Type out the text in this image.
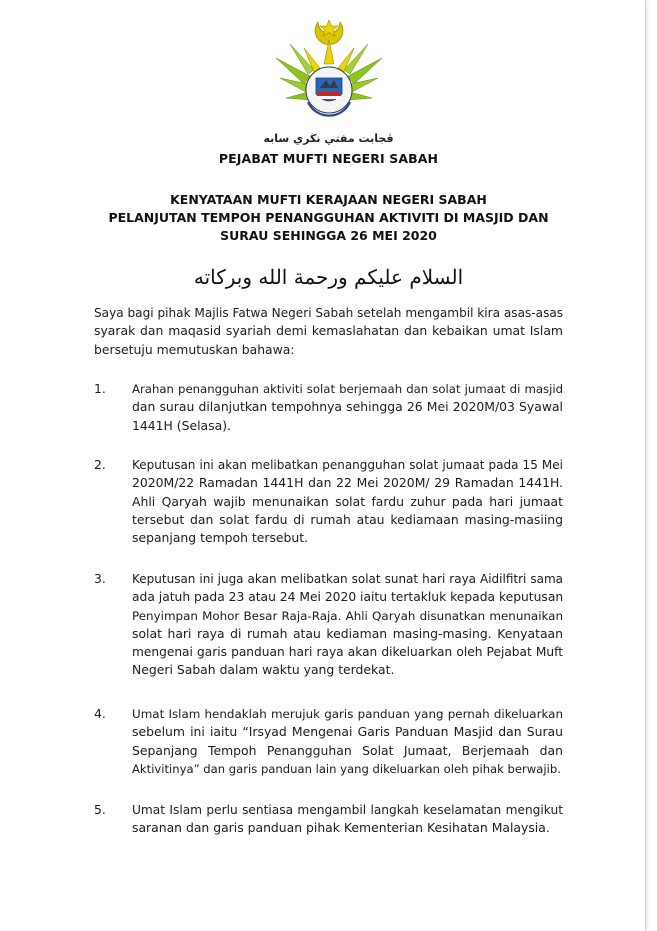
ڤجابت مفتي نڬري سابه
PEJABAT MUFTI NEGERI SABAH
KENYATAAN MUFTI KERAJAAN NEGERI SABAH
PELANJUTAN TEMPOH PENANGGUHAN AKTIVITI DI MASJID DAN
SURAU SEHINGGA 26 MEI 2020
السلام عليكم ورحمة الله وبركاته
Saya bagi pihak Majlis Fatwa Negeri Sabah setelah mengambil kira asas-asas
syarak dan maqasid syariah demi kemaslahatan dan kebaikan umat Islam
bersetuju memutuskan bahawa:
1.	Arahan penangguhan aktiviti solat berjemaah dan solat jumaat di masjid
dan surau dilanjutkan tempohnya sehingga 26 Mei 2020M/03 Syawal
1441H (Selasa).
2.	Keputusan ini akan melibatkan penangguhan solat jumaat pada 15 Mei
2020M/22 Ramadan 1441H dan 22 Mei 2020M/ 29 Ramadan 1441H.
Ahli Qaryah wajib menunaikan solat fardu zuhur pada hari jumaat
tersebut dan solat fardu di rumah atau kediamaan masing-masiing
sepanjang tempoh tersebut.
3.	Keputusan ini juga akan melibatkan solat sunat hari raya Aidilfitri sama
ada jatuh pada 23 atau 24 Mei 2020 iaitu tertakluk kepada keputusan
Penyimpan Mohor Besar Raja-Raja. Ahli Qaryah disunatkan menunaikan
solat hari raya di rumah atau kediaman masing-masing. Kenyataan
mengenai garis panduan hari raya akan dikeluarkan oleh Pejabat Muft
Negeri Sabah dalam waktu yang terdekat.
4.	Umat Islam hendaklah merujuk garis panduan yang pernah dikeluarkan
sebelum ini iaitu “Irsyad Mengenai Garis Panduan Masjid dan Surau
Sepanjang Tempoh Penangguhan Solat Jumaat, Berjemaah dan
Aktivitinya” dan garis panduan lain yang dikeluarkan oleh pihak berwajib.
5.	Umat Islam perlu sentiasa mengambil langkah keselamatan mengikut
saranan dan garis panduan pihak Kementerian Kesihatan Malaysia.
